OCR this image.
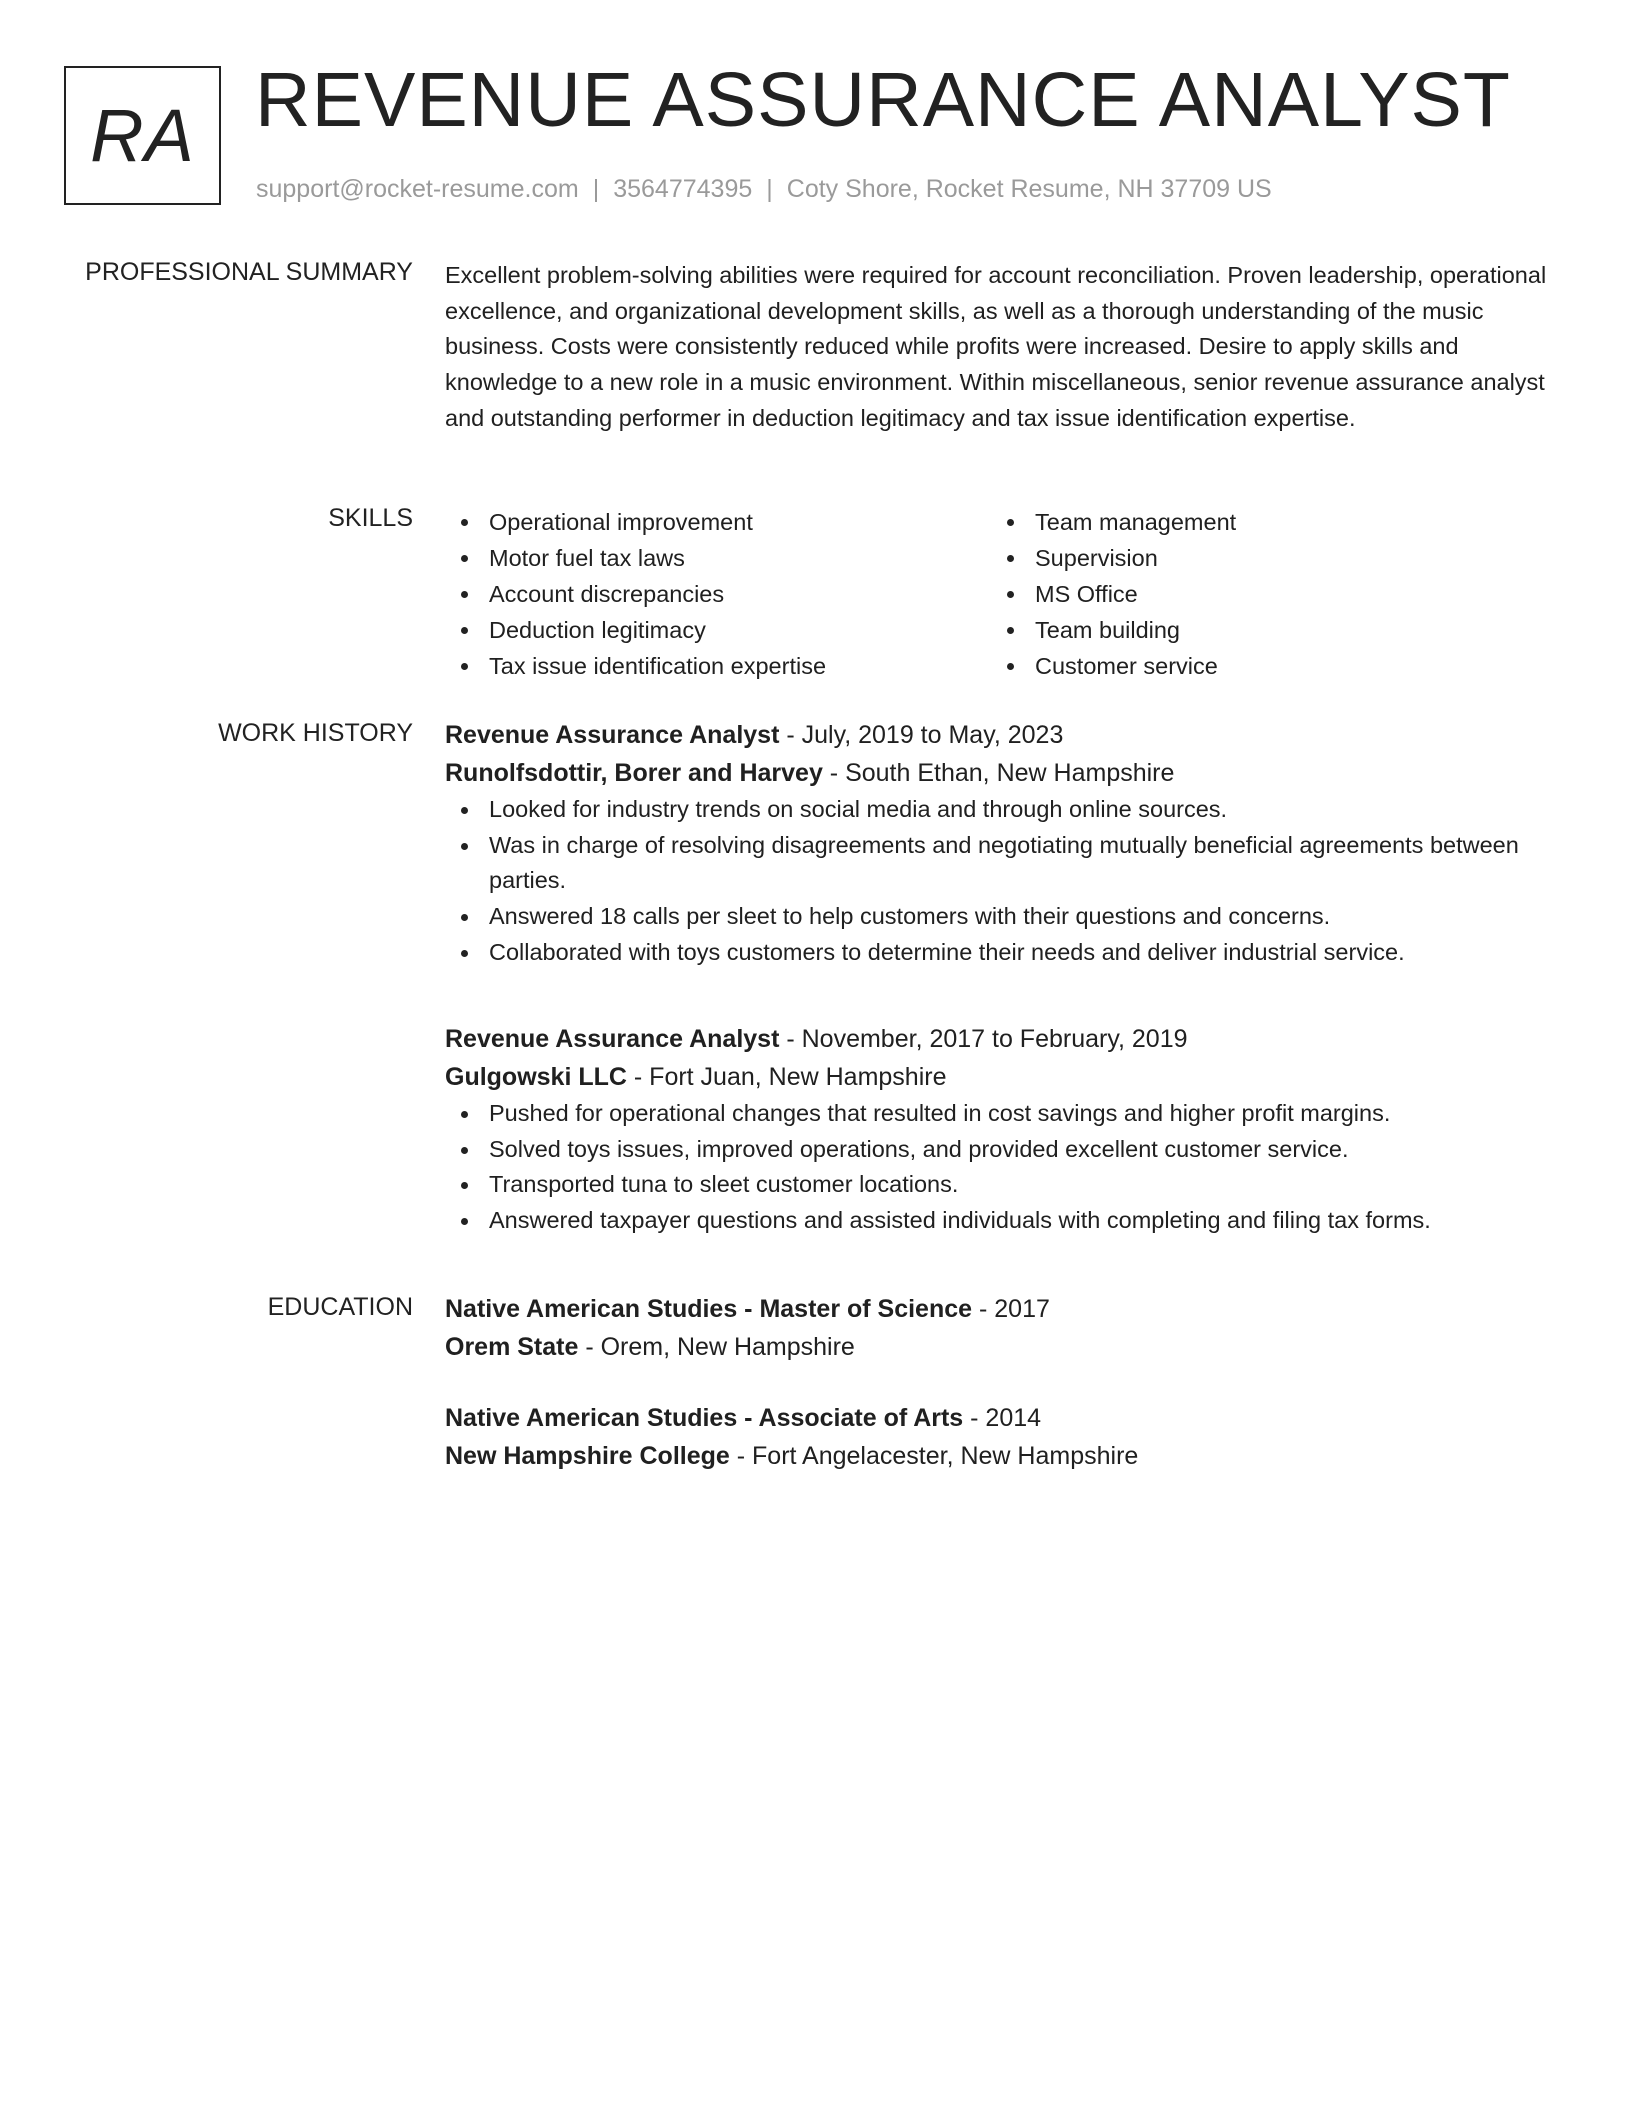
RA REVENUE ASSURANCE ANALYST
support@rocket-resume.com | 3564774395 | Coty Shore, Rocket Resume, NH 37709 US
PROFESSIONAL SUMMARY Excellent problem-solving abilities were required for account reconciliation. Proven leadership, operational excellence, and organizational development skills, as well as a thorough understanding of the music business. Costs were consistently reduced while profits were increased. Desire to apply skills and knowledge to a new role in a music environment. Within miscellaneous, senior revenue assurance analyst and outstanding performer in deduction legitimacy and tax issue identification expertise.
SKILLS	Operational improvement
Motor fuel tax laws
Account discrepancies
Deduction legitimacy
Tax issue identification expertise
Team management
Supervision
MS Office
Team building
Customer service
WORK HISTORY Revenue Assurance Analyst - July, 2019 to May, 2023
Runolfsdottir, Borer and Harvey - South Ethan, New Hampshire
Looked for industry trends on social media and through online sources.
Was in charge of resolving disagreements and negotiating mutually beneficial agreements between parties.
Answered 18 calls per sleet to help customers with their questions and concerns.
Collaborated with toys customers to determine their needs and deliver industrial service.
Revenue Assurance Analyst - November, 2017 to February, 2019
Gulgowski LLC - Fort Juan, New Hampshire
Pushed for operational changes that resulted in cost savings and higher profit margins.
Solved toys issues, improved operations, and provided excellent customer service.
Transported tuna to sleet customer locations.
Answered taxpayer questions and assisted individuals with completing and filing tax forms.
EDUCATION Native American Studies - Master of Science - 2017
Orem State - Orem, New Hampshire
Native American Studies - Associate of Arts - 2014
New Hampshire College - Fort Angelacester, New Hampshire
